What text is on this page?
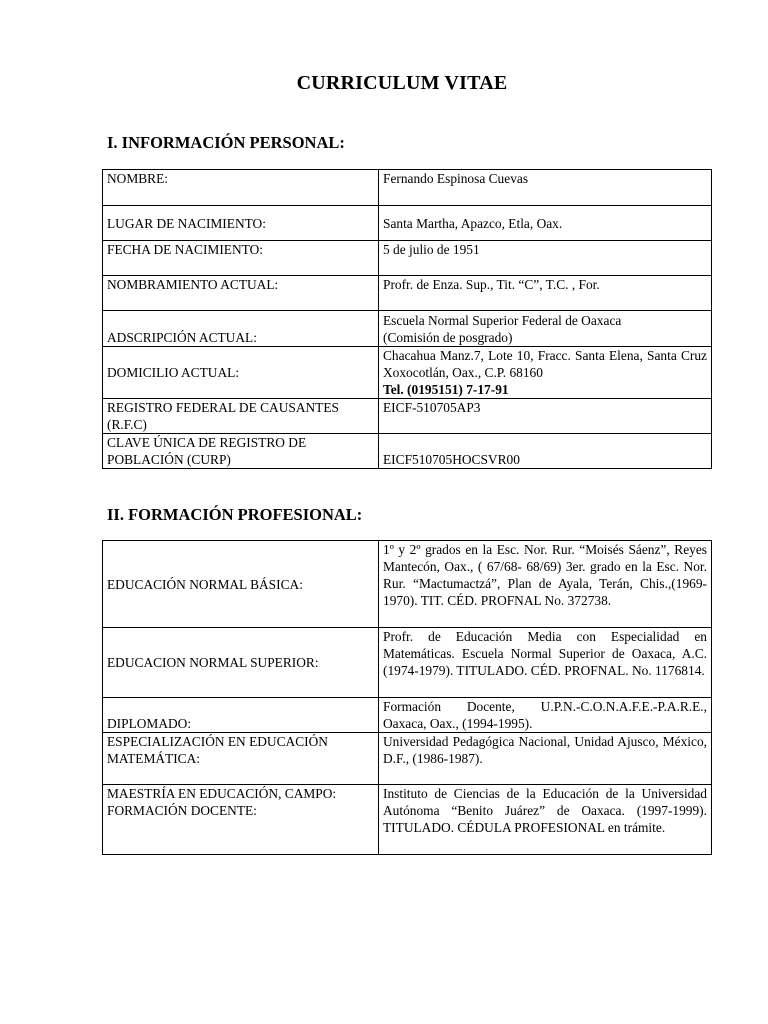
CURRICULUM VITAE
I. INFORMACIÓN PERSONAL:
NOMBRE:	Fernando Espinosa Cuevas
LUGAR DE NACIMIENTO:	Santa Martha, Apazco, Etla, Oax.
FECHA DE NACIMIENTO:	5 de julio de 1951
NOMBRAMIENTO ACTUAL:	Profr. de Enza. Sup., Tit. “C”, T.C. , For.
ADSCRIPCIÓN ACTUAL:	Escuela Normal Superior Federal de Oaxaca
(Comisión de posgrado)

DOMICILIO ACTUAL:	Chacahua Manz.7, Lote 10, Fracc. Santa Elena, Santa Cruz Xoxocotlán, Oax., C.P. 68160
Tel. (0195151) 7-17-91

REGISTRO FEDERAL DE CAUSANTES (R.F.C)	EICF-510705AP3
CLAVE ÚNICA DE REGISTRO DE POBLACIÓN (CURP)	EICF510705HOCSVR00
II. FORMACIÓN PROFESIONAL:
EDUCACIÓN NORMAL BÁSICA:	1º y 2º grados en la Esc. Nor. Rur. “Moisés Sáenz”, Reyes Mantecón, Oax., ( 67/68- 68/69) 3er. grado en la Esc. Nor. Rur. “Mactumactzá”, Plan de Ayala, Terán, Chis.,(1969-1970). TIT. CÉD. PROFNAL No. 372738.
EDUCACION NORMAL SUPERIOR:	Profr. de Educación Media con Especialidad en Matemáticas. Escuela Normal Superior de Oaxaca, A.C. (1974-1979). TITULADO. CÉD. PROFNAL. No. 1176814.
DIPLOMADO:	Formación Docente, U.P.N.-C.O.N.A.F.E.-P.A.R.E., Oaxaca, Oax., (1994-1995).
ESPECIALIZACIÓN EN EDUCACIÓN MATEMÁTICA:	Universidad Pedagógica Nacional, Unidad Ajusco, México, D.F., (1986-1987).
MAESTRÍA EN EDUCACIÓN, CAMPO: FORMACIÓN DOCENTE:	Instituto de Ciencias de la Educación de la Universidad Autónoma “Benito Juárez” de Oaxaca. (1997-1999). TITULADO. CÉDULA PROFESIONAL en trámite.
